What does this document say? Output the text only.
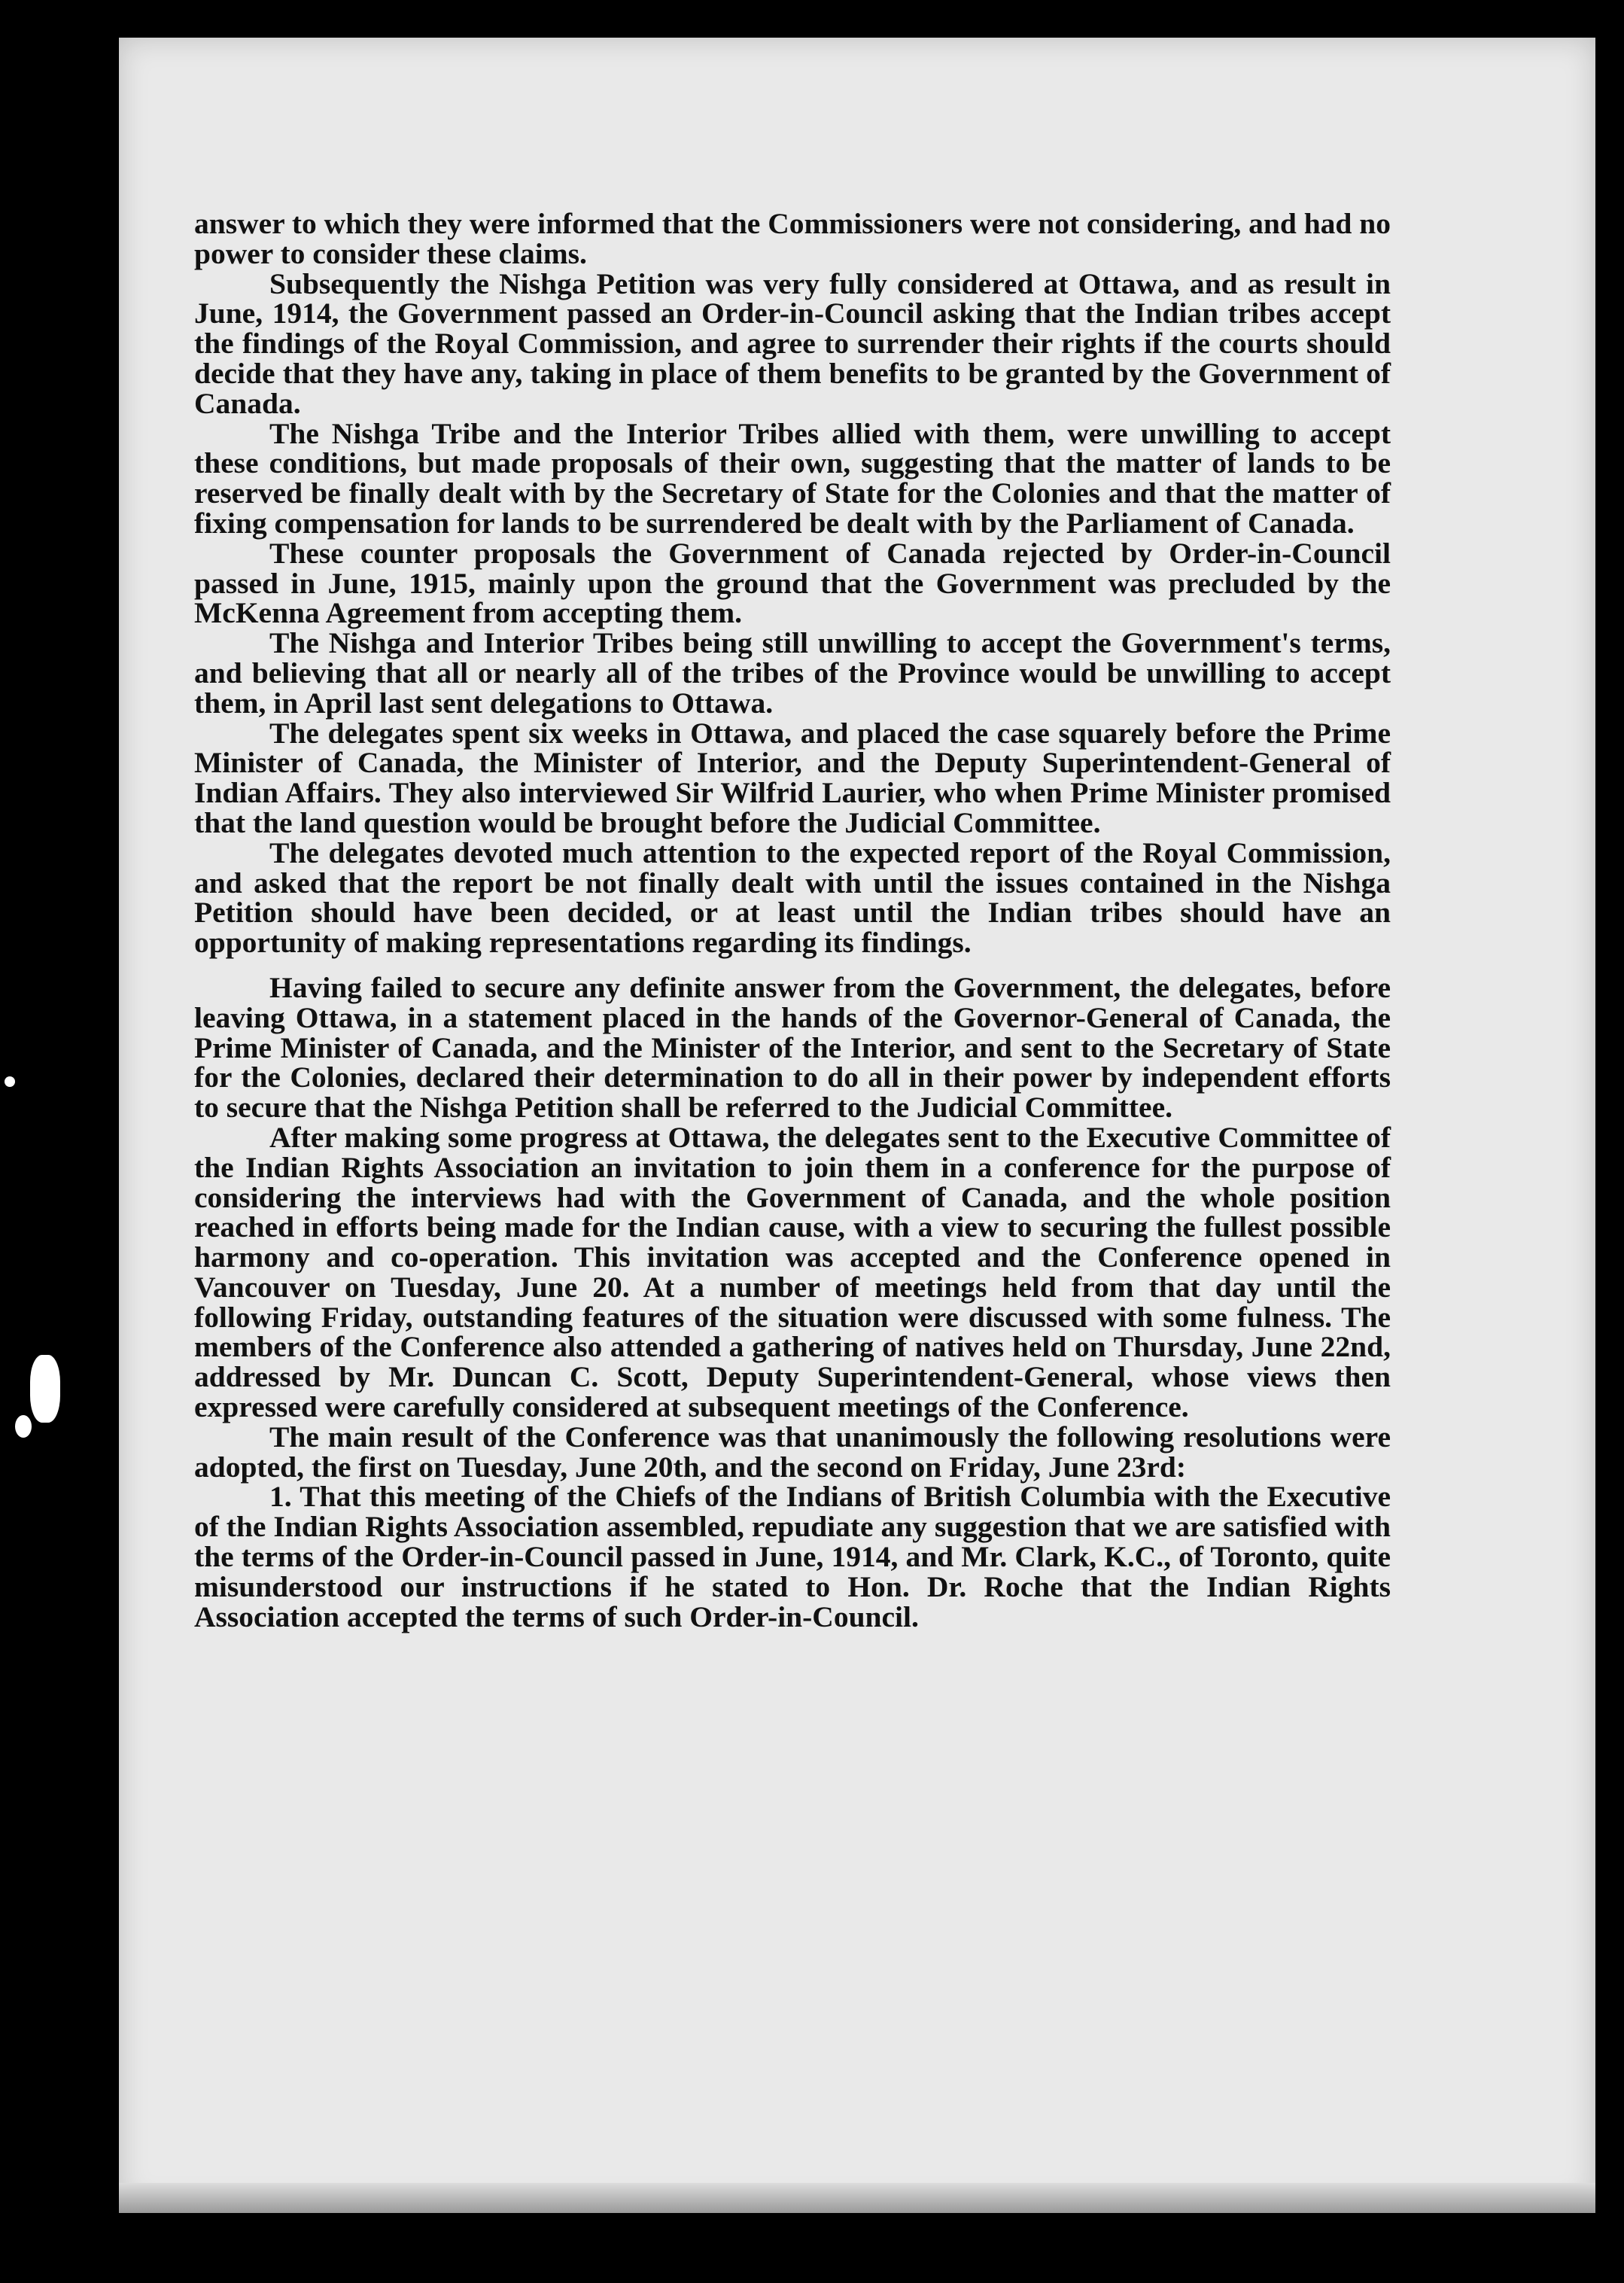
answer to which they were informed that the Commissioners were not considering, and had no power to consider these claims.

Subsequently the Nishga Petition was very fully considered at Ottawa, and as result in June, 1914, the Government passed an Order-in-Council asking that the Indian tribes accept the findings of the Royal Commission, and agree to surrender their rights if the courts should decide that they have any, taking in place of them benefits to be granted by the Government of Canada.

The Nishga Tribe and the Interior Tribes allied with them, were unwilling to accept these conditions, but made proposals of their own, suggesting that the matter of lands to be reserved be finally dealt with by the Secretary of State for the Colonies and that the matter of fixing compensation for lands to be surrendered be dealt with by the Parliament of Canada.

These counter proposals the Government of Canada rejected by Order-in-Council passed in June, 1915, mainly upon the ground that the Government was precluded by the McKenna Agreement from accepting them.

The Nishga and Interior Tribes being still unwilling to accept the Government's terms, and believing that all or nearly all of the tribes of the Province would be unwilling to accept them, in April last sent delegations to Ottawa.

The delegates spent six weeks in Ottawa, and placed the case squarely before the Prime Minister of Canada, the Minister of Interior, and the Deputy Superintendent-General of Indian Affairs. They also interviewed Sir Wilfrid Laurier, who when Prime Minister promised that the land question would be brought before the Judicial Committee.

The delegates devoted much attention to the expected report of the Royal Commission, and asked that the report be not finally dealt with until the issues contained in the Nishga Petition should have been decided, or at least until the Indian tribes should have an opportunity of making representations regarding its findings.

Having failed to secure any definite answer from the Government, the delegates, before leaving Ottawa, in a statement placed in the hands of the Governor-General of Canada, the Prime Minister of Canada, and the Minister of the Interior, and sent to the Secretary of State for the Colonies, declared their determination to do all in their power by independent efforts to secure that the Nishga Petition shall be referred to the Judicial Committee.

After making some progress at Ottawa, the delegates sent to the Executive Committee of the Indian Rights Association an invitation to join them in a conference for the purpose of considering the interviews had with the Government of Canada, and the whole position reached in efforts being made for the Indian cause, with a view to securing the fullest possible harmony and co-operation. This invitation was accepted and the Conference opened in Vancouver on Tuesday, June 20. At a number of meetings held from that day until the following Friday, outstanding features of the situation were discussed with some fulness. The members of the Conference also attended a gathering of natives held on Thursday, June 22nd, addressed by Mr. Duncan C. Scott, Deputy Superintendent-General, whose views then expressed were carefully considered at subsequent meetings of the Conference.

The main result of the Conference was that unanimously the following resolutions were adopted, the first on Tuesday, June 20th, and the second on Friday, June 23rd:

1. That this meeting of the Chiefs of the Indians of British Columbia with the Executive of the Indian Rights Association assembled, repudiate any suggestion that we are satisfied with the terms of the Order-in-Council passed in June, 1914, and Mr. Clark, K.C., of Toronto, quite misunderstood our instructions if he stated to Hon. Dr. Roche that the Indian Rights Association accepted the terms of such Order-in-Council.
